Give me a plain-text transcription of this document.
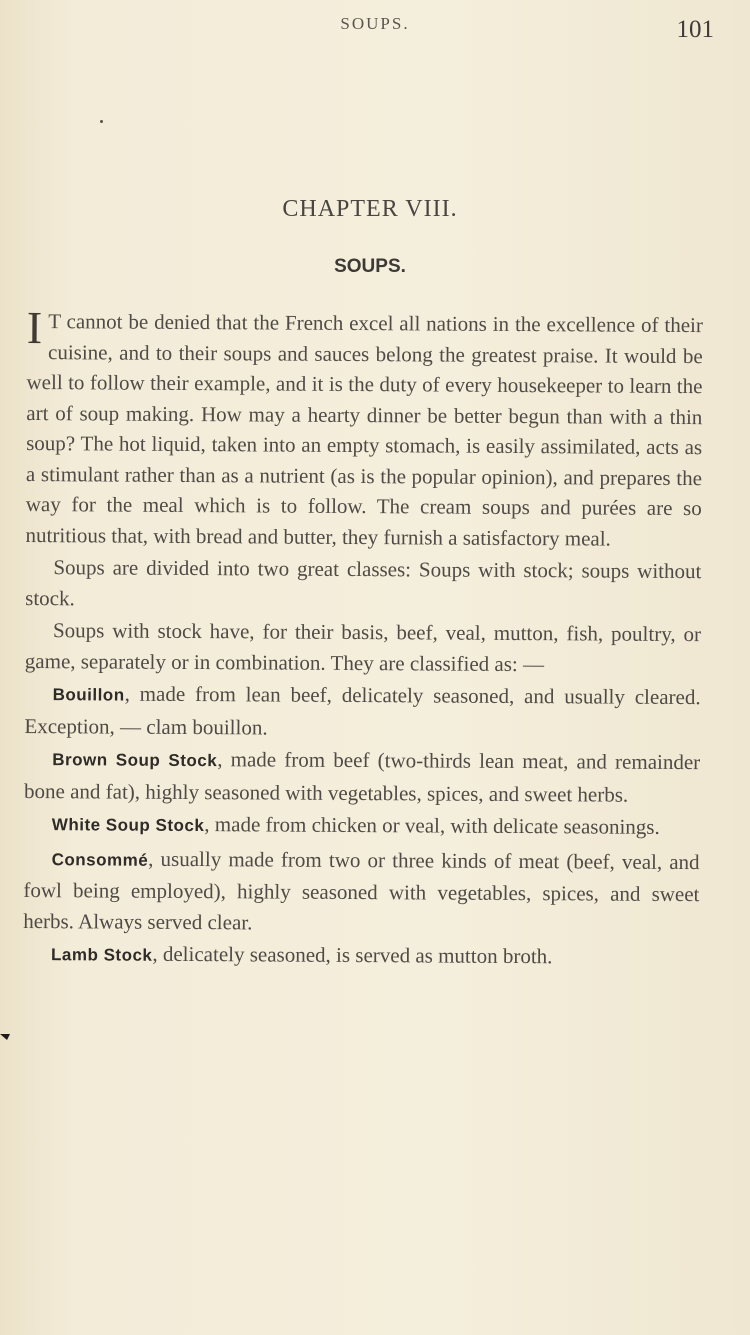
SOUPS.	101
CHAPTER VIII.
SOUPS.

I T cannot be denied that the French excel all nations in the excellence of their cuisine, and to their soups and sauces belong the greatest praise. It would be well to follow their example, and it is the duty of every housekeeper to learn the art of soup making. How may a hearty dinner be better begun than with a thin soup? The hot liquid, taken into an empty stomach, is easily assimilated, acts as a stimulant rather than as a nutrient (as is the popular opinion), and prepares the way for the meal which is to follow. The cream soups and purées are so nutritious that, with bread and butter, they furnish a satisfactory meal.

Soups are divided into two great classes: Soups with stock; soups without stock.

Soups with stock have, for their basis, beef, veal, mutton, fish, poultry, or game, separately or in combination. They are classified as: —

Bouillon, made from lean beef, delicately seasoned, and usually cleared. Exception, — clam bouillon.

Brown Soup Stock, made from beef (two-thirds lean meat, and remainder bone and fat), highly seasoned with vegetables, spices, and sweet herbs.

White Soup Stock, made from chicken or veal, with delicate seasonings.

Consommé, usually made from two or three kinds of meat (beef, veal, and fowl being employed), highly seasoned with vegetables, spices, and sweet herbs. Always served clear.

Lamb Stock, delicately seasoned, is served as mutton broth.
